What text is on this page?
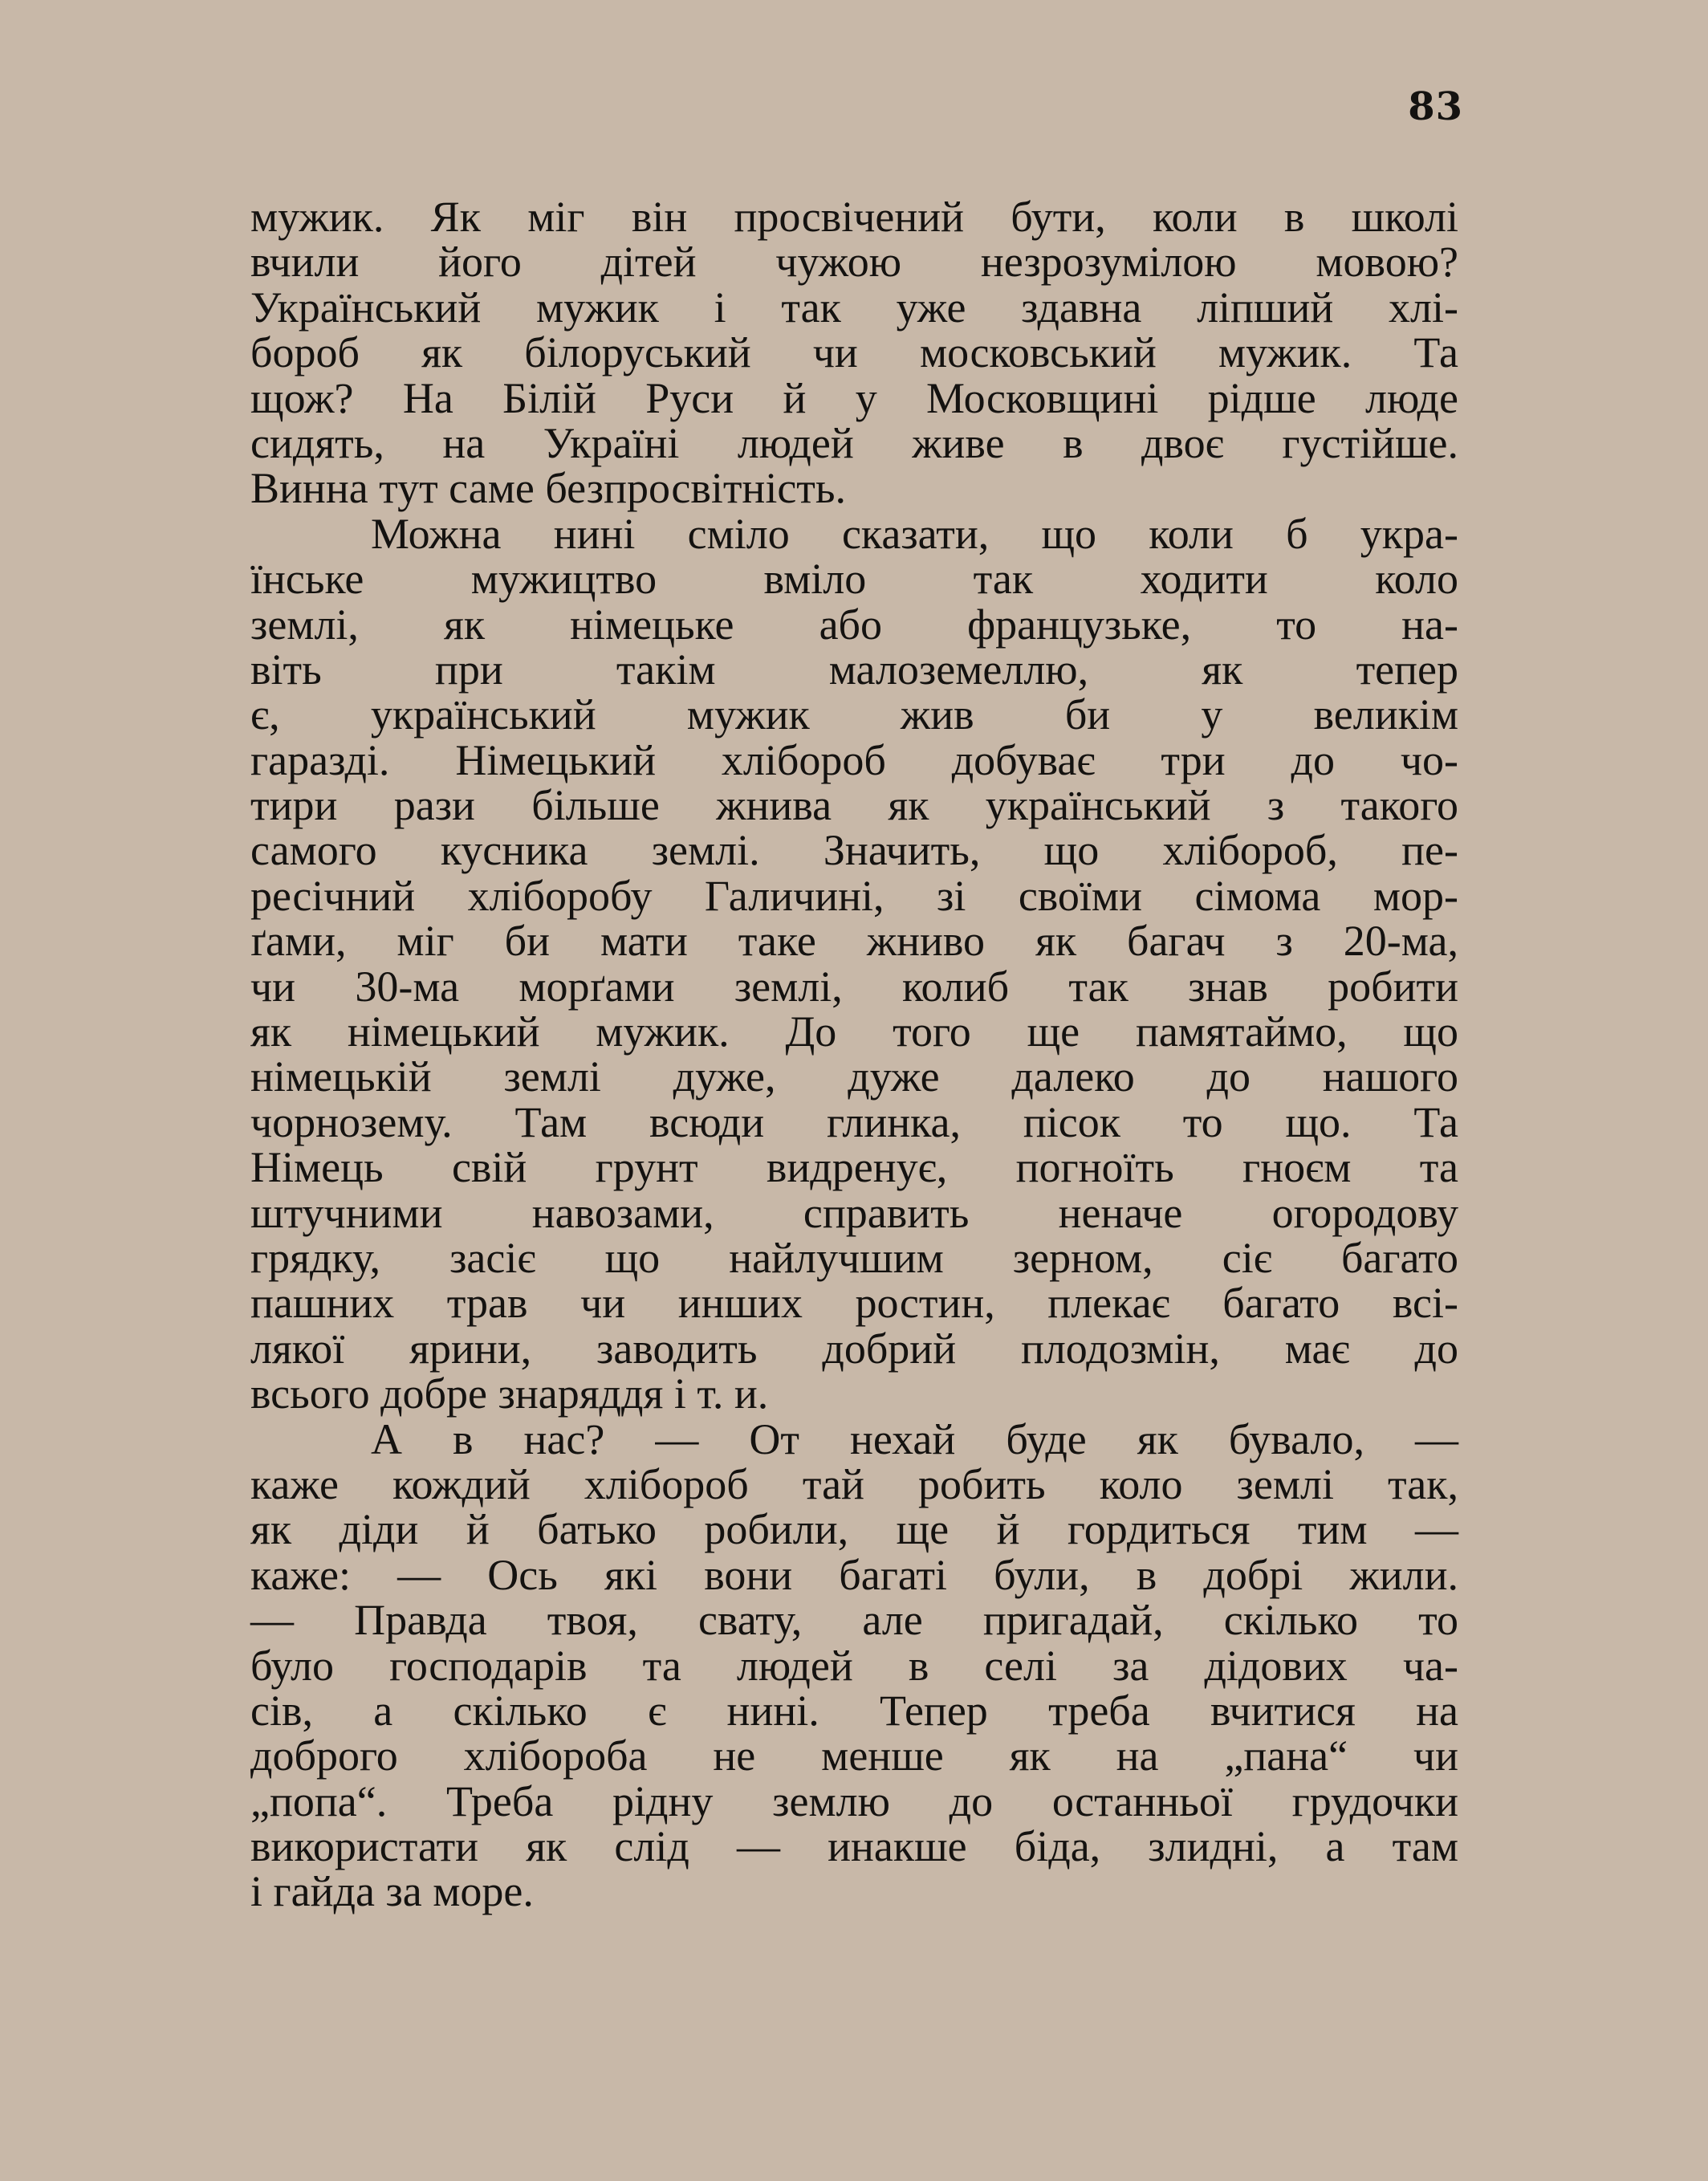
83
мужик. Як міг він просвічений бути, коли в школі
вчили його дітей чужою незрозумілою мовою?
Український мужик і так уже здавна ліпший хлі-
бороб як білоруський чи московський мужик. Та
щож? На Білій Руси й у Московщині рідше люде
сидять, на Україні людей живе в двоє густійше.
Винна тут саме безпросвітність.
Можна нині сміло сказати, що коли б укра-
їнське мужицтво вміло так ходити коло
землі, як німецьке або французьке, то на-
віть при такім малоземеллю, як тепер
є, український мужик жив би у великім
гаразді. Німецький хлібороб добуває три до чо-
тири рази більше жнива як український з такого
самого кусника землі. Значить, що хлібороб, пе-
ресічний хліборобу Галичині, зі своїми сімома мор-
ґами, міг би мати таке жниво як багач з 20-ма,
чи 30-ма морґами землі, колиб так знав робити
як німецький мужик. До того ще памятаймо, що
німецькій землі дуже, дуже далеко до нашого
чорнозему. Там всюди глинка, пісок то що. Та
Німець свій грунт видренує, погноїть гноєм та
штучними навозами, справить неначе огородову
грядку, засіє що найлучшим зерном, сіє багато
пашних трав чи инших ростин, плекає багато всі-
лякої ярини, заводить добрий плодозмін, має до
всього добре знаряддя і т. и.
А в нас? — От нехай буде як бувало, —
каже кождий хлібороб тай робить коло землі так,
як діди й батько робили, ще й гордиться тим —
каже: — Ось які вони багаті були, в добрі жили.
— Правда твоя, свату, але пригадай, скілько то
було господарів та людей в селі за дідових ча-
сів, а скілько є нині. Тепер треба вчитися на
доброго хлібороба не менше як на „пана“ чи
„попа“. Треба рідну землю до останньої грудочки
використати як слід — инакше біда, злидні, а там
і гайда за море.
